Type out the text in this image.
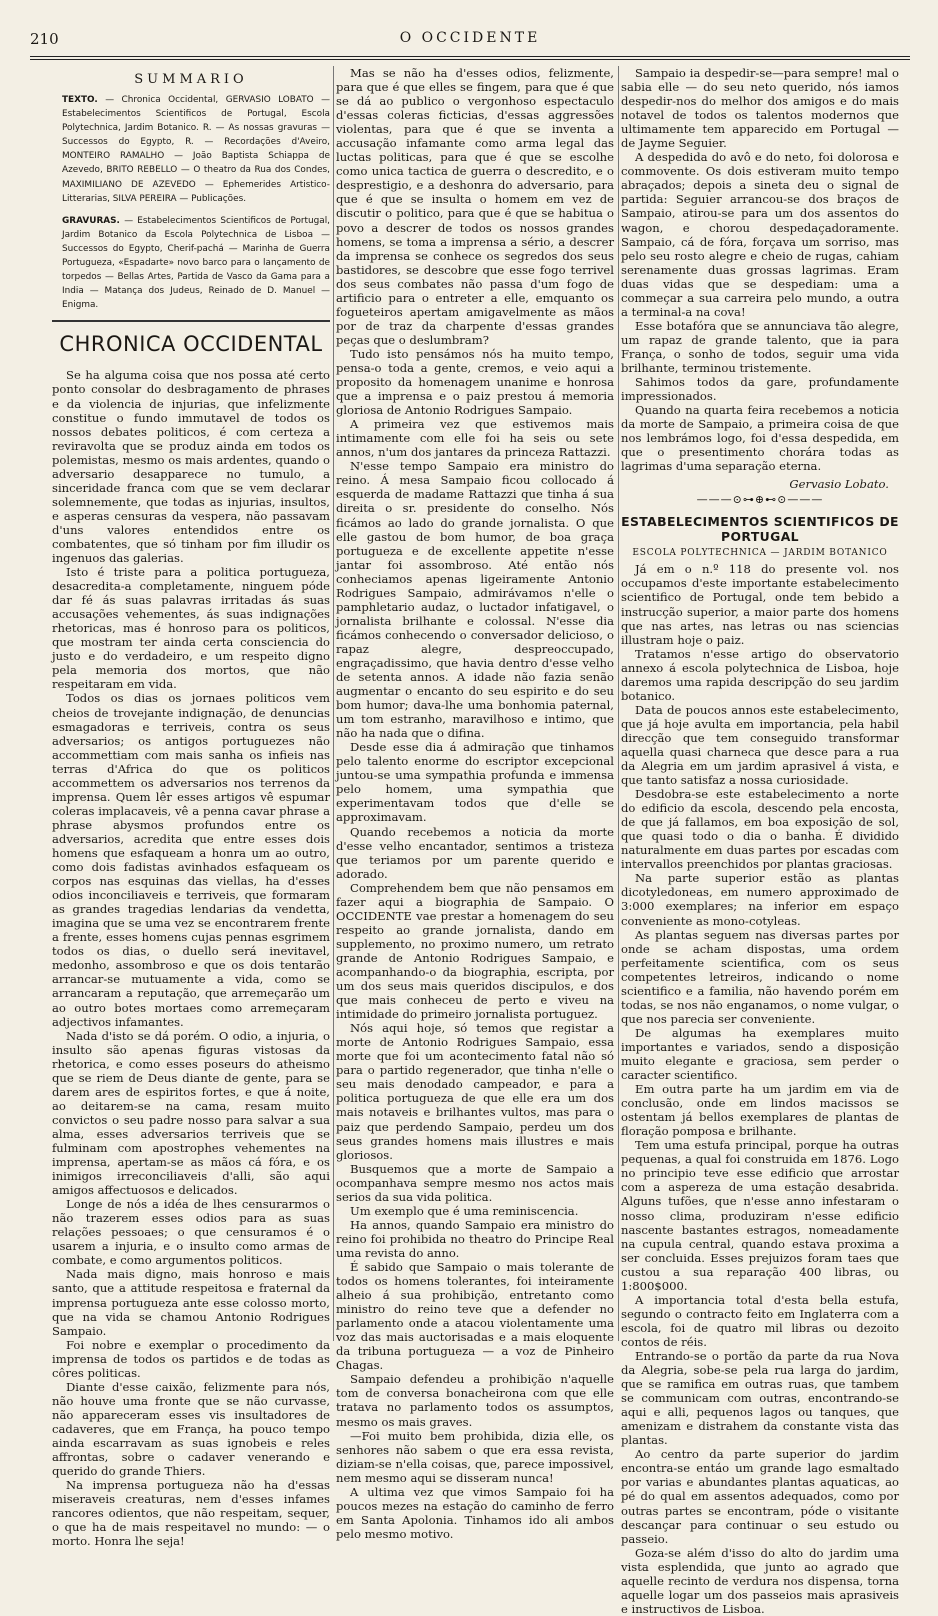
210	O OCCIDENTE
SUMMARIO

TEXTO. — Chronica Occidental, GERVASIO LOBATO — Estabelecimentos Scientificos de Portugal, Escola Polytechnica, Jardim Botanico. R. — As nossas gravuras — Successos do Egypto, R. — Recordações d'Aveiro, MONTEIRO RAMALHO — João Baptista Schiappa de Azevedo, BRITO REBELLO — O theatro da Rua dos Condes, MAXIMILIANO DE AZEVEDO — Ephemerides Artistico-Litterarias, SILVA PEREIRA — Publicações.

GRAVURAS. — Estabelecimentos Scientificos de Portugal, Jardim Botanico da Escola Polytechnica de Lisboa — Successos do Egypto, Cherif-pachá — Marinha de Guerra Portugueza, «Espadarte» novo barco para o lançamento de torpedos — Bellas Artes, Partida de Vasco da Gama para a India — Matança dos Judeus, Reinado de D. Manuel — Enigma.

CHRONICA OCCIDENTAL

Se ha alguma coisa que nos possa até certo ponto consolar do desbragamento de phrases e da violencia de injurias, que infelizmente constitue o fundo immutavel de todos os nossos debates politicos, é com certeza a reviravolta que se produz ainda em todos os polemistas, mesmo os mais ardentes, quando o adversario desapparece no tumulo, a sinceridade franca com que se vem declarar solemnemente, que todas as injurias, insultos, e asperas censuras da vespera, não passavam d'uns valores entendidos entre os combatentes, que só tinham por fim illudir os ingenuos das galerias.

Isto é triste para a politica portugueza, desacredita-a completamente, ninguem póde dar fé ás suas palavras irritadas ás suas accusações vehementes, ás suas indignações rhetoricas, mas é honroso para os politicos, que mostram ter ainda certa consciencia do justo e do verdadeiro, e um respeito digno pela memoria dos mortos, que não respeitaram em vida.

Todos os dias os jornaes politicos vem cheios de trovejante indignação, de denuncias esmagadoras e terriveis, contra os seus adversarios; os antigos portuguezes não accommettiam com mais sanha os infieis nas terras d'Africa do que os politicos accommettem os adversarios nos terrenos da imprensa. Quem lêr esses artigos vê espumar coleras implacaveis, vê a penna cavar phrase a phrase abysmos profundos entre os adversarios, acredita que entre esses dois homens que esfaqueam a honra um ao outro, como dois fadistas avinhados esfaqueam os corpos nas esquinas das viellas, ha d'esses odios inconciliaveis e terriveis, que formaram as grandes tragedias lendarias da vendetta, imagina que se uma vez se encontrarem frente a frente, esses homens cujas pennas esgrimem todos os dias, o duello será inevitavel, medonho, assombroso e que os dois tentarão arrancar-se mutuamente a vida, como se arrancaram a reputação, que arremeçarão um ao outro botes mortaes como arremeçaram adjectivos infamantes.

Nada d'isto se dá porém. O odio, a injuria, o insulto são apenas figuras vistosas da rhetorica, e como esses poseurs do atheismo que se riem de Deus diante de gente, para se darem ares de espiritos fortes, e que á noite, ao deitarem-se na cama, resam muito convictos o seu padre nosso para salvar a sua alma, esses adversarios terriveis que se fulminam com apostrophes vehementes na imprensa, apertam-se as mãos cá fóra, e os inimigos irreconciliaveis d'alli, são aqui amigos affectuosos e delicados.

Longe de nós a idéa de lhes censurarmos o não trazerem esses odios para as suas relações pessoaes; o que censuramos é o usarem a injuria, e o insulto como armas de combate, e como argumentos politicos.

Nada mais digno, mais honroso e mais santo, que a attitude respeitosa e fraternal da imprensa portugueza ante esse colosso morto, que na vida se chamou Antonio Rodrigues Sampaio.

Foi nobre e exemplar o procedimento da imprensa de todos os partidos e de todas as côres politicas.

Diante d'esse caixão, felizmente para nós, não houve uma fronte que se não curvasse, não appareceram esses vis insultadores de cadaveres, que em França, ha pouco tempo ainda escarravam as suas ignobeis e reles affrontas, sobre o cadaver venerando e querido do grande Thiers.

Na imprensa portugueza não ha d'essas miseraveis creaturas, nem d'esses infames rancores odientos, que não respeitam, sequer, o que ha de mais respeitavel no mundo: — o morto. Honra lhe seja!

Mas se não ha d'esses odios, felizmente, para que é que elles se fingem, para que é que se dá ao publico o vergonhoso espectaculo d'essas coleras ficticias, d'essas aggressões violentas, para que é que se inventa a accusação infamante como arma legal das luctas politicas, para que é que se escolhe como unica tactica de guerra o descredito, e o desprestigio, e a deshonra do adversario, para que é que se insulta o homem em vez de discutir o politico, para que é que se habitua o povo a descrer de todos os nossos grandes homens, se toma a imprensa a sério, a descrer da imprensa se conhece os segredos dos seus bastidores, se descobre que esse fogo terrivel dos seus combates não passa d'um fogo de artificio para o entreter a elle, emquanto os fogueteiros apertam amigavelmente as mãos por de traz da charpente d'essas grandes peças que o deslumbram?

Tudo isto pensámos nós ha muito tempo, pensa-o toda a gente, cremos, e veio aqui a proposito da homenagem unanime e honrosa que a imprensa e o paiz prestou á memoria gloriosa de Antonio Rodrigues Sampaio.

A primeira vez que estivemos mais intimamente com elle foi ha seis ou sete annos, n'um dos jantares da princeza Rattazzi.

N'esse tempo Sampaio era ministro do reino. Á mesa Sampaio ficou collocado á esquerda de madame Rattazzi que tinha á sua direita o sr. presidente do conselho. Nós ficámos ao lado do grande jornalista. O que elle gastou de bom humor, de boa graça portugueza e de excellente appetite n'esse jantar foi assombroso. Até então nós conheciamos apenas ligeiramente Antonio Rodrigues Sampaio, admirávamos n'elle o pamphletario audaz, o luctador infatigavel, o jornalista brilhante e colossal. N'esse dia ficámos conhecendo o conversador delicioso, o rapaz alegre, despreoccupado, engraçadissimo, que havia dentro d'esse velho de setenta annos. A idade não fazia senão augmentar o encanto do seu espirito e do seu bom humor; dava-lhe uma bonhomia paternal, um tom estranho, maravilhoso e intimo, que não ha nada que o difina.

Desde esse dia á admiração que tinhamos pelo talento enorme do escriptor excepcional juntou-se uma sympathia profunda e immensa pelo homem, uma sympathia que experimentavam todos que d'elle se approximavam.

Quando recebemos a noticia da morte d'esse velho encantador, sentimos a tristeza que teriamos por um parente querido e adorado.

Comprehendem bem que não pensamos em fazer aqui a biographia de Sampaio. O OCCIDENTE vae prestar a homenagem do seu respeito ao grande jornalista, dando em supplemento, no proximo numero, um retrato grande de Antonio Rodrigues Sampaio, e acompanhando-o da biographia, escripta, por um dos seus mais queridos discipulos, e dos que mais conheceu de perto e viveu na intimidade do primeiro jornalista portuguez.

Nós aqui hoje, só temos que registar a morte de Antonio Rodrigues Sampaio, essa morte que foi um acontecimento fatal não só para o partido regenerador, que tinha n'elle o seu mais denodado campeador, e para a politica portugueza de que elle era um dos mais notaveis e brilhantes vultos, mas para o paiz que perdendo Sampaio, perdeu um dos seus grandes homens mais illustres e mais gloriosos.

Busquemos que a morte de Sampaio a ocompanhava sempre mesmo nos actos mais serios da sua vida politica.

Um exemplo que é uma reminiscencia.

Ha annos, quando Sampaio era ministro do reino foi prohibida no theatro do Principe Real uma revista do anno.

É sabido que Sampaio o mais tolerante de todos os homens tolerantes, foi inteiramente alheio á sua prohibição, entretanto como ministro do reino teve que a defender no parlamento onde a atacou violentamente uma voz das mais auctorisadas e a mais eloquente da tribuna portugueza — a voz de Pinheiro Chagas.

Sampaio defendeu a prohibição n'aquelle tom de conversa bonacheirona com que elle tratava no parlamento todos os assumptos, mesmo os mais graves.

—Foi muito bem prohibida, dizia elle, os senhores não sabem o que era essa revista, diziam-se n'ella coisas, que, parece impossivel, nem mesmo aqui se disseram nunca!

A ultima vez que vimos Sampaio foi ha poucos mezes na estação do caminho de ferro em Santa Apolonia. Tinhamos ido ali ambos pelo mesmo motivo.

Sampaio ia despedir-se—para sempre! mal o sabia elle — do seu neto querido, nós iamos despedir-nos do melhor dos amigos e do mais notavel de todos os talentos modernos que ultimamente tem apparecido em Portugal — de Jayme Seguier.

A despedida do avô e do neto, foi dolorosa e commovente. Os dois estiveram muito tempo abraçados; depois a sineta deu o signal de partida: Seguier arrancou-se dos braços de Sampaio, atirou-se para um dos assentos do wagon, e chorou despedaçadoramente. Sampaio, cá de fóra, forçava um sorriso, mas pelo seu rosto alegre e cheio de rugas, cahiam serenamente duas grossas lagrimas. Eram duas vidas que se despediam: uma a commeçar a sua carreira pelo mundo, a outra a terminal-a na cova!

Esse botafóra que se annunciava tão alegre, um rapaz de grande talento, que ia para França, o sonho de todos, seguir uma vida brilhante, terminou tristemente.

Sahimos todos da gare, profundamente impressionados.

Quando na quarta feira recebemos a noticia da morte de Sampaio, a primeira coisa de que nos lembrámos logo, foi d'essa despedida, em que o presentimento chorára todas as lagrimas d'uma separação eterna.

Gervasio Lobato.
———⊙⊶⊕⊷⊙———
ESTABELECIMENTOS SCIENTIFICOS DE PORTUGAL
ESCOLA POLYTECHNICA — JARDIM BOTANICO

Já em o n.º 118 do presente vol. nos occupamos d'este importante estabelecimento scientifico de Portugal, onde tem bebido a instrucção superior, a maior parte dos homens que nas artes, nas letras ou nas sciencias illustram hoje o paiz.

Tratamos n'esse artigo do observatorio annexo á escola polytechnica de Lisboa, hoje daremos uma rapida descripção do seu jardim botanico.

Data de poucos annos este estabelecimento, que já hoje avulta em importancia, pela habil direcção que tem conseguido transformar aquella quasi charneca que desce para a rua da Alegria em um jardim aprasivel á vista, e que tanto satisfaz a nossa curiosidade.

Desdobra-se este estabelecimento a norte do edificio da escola, descendo pela encosta, de que já fallamos, em boa exposição de sol, que quasi todo o dia o banha. É dividido naturalmente em duas partes por escadas com intervallos preenchidos por plantas graciosas.

Na parte superior estão as plantas dicotyledoneas, em numero approximado de 3:000 exemplares; na inferior em espaço conveniente as mono-cotyleas.

As plantas seguem nas diversas partes por onde se acham dispostas, uma ordem perfeitamente scientifica, com os seus competentes letreiros, indicando o nome scientifico e a familia, não havendo porém em todas, se nos não enganamos, o nome vulgar, o que nos parecia ser conveniente.

De algumas ha exemplares muito importantes e variados, sendo a disposição muito elegante e graciosa, sem perder o caracter scientifico.

Em outra parte ha um jardim em via de conclusão, onde em lindos macissos se ostentam já bellos exemplares de plantas de floração pomposa e brilhante.

Tem uma estufa principal, porque ha outras pequenas, a qual foi construida em 1876. Logo no principio teve esse edificio que arrostar com a aspereza de uma estação desabrida. Alguns tufões, que n'esse anno infestaram o nosso clima, produziram n'esse edificio nascente bastantes estragos, nomeadamente na cupula central, quando estava proxima a ser concluida. Esses prejuizos foram taes que custou a sua reparação 400 libras, ou 1:800$000.

A importancia total d'esta bella estufa, segundo o contracto feito em Inglaterra com a escola, foi de quatro mil libras ou dezoito contos de réis.

Entrando-se o portão da parte da rua Nova da Alegria, sobe-se pela rua larga do jardim, que se ramifica em outras ruas, que tambem se communicam com outras, encontrando-se aqui e alli, pequenos lagos ou tanques, que amenizam e distrahem da constante vista das plantas.

Ao centro da parte superior do jardim encontra-se entáo um grande lago esmaltado por varias e abundantes plantas aquaticas, ao pé do qual em assentos adequados, como por outras partes se encontram, póde o visitante descançar para continuar o seu estudo ou passeio.

Goza-se além d'isso do alto do jardim uma vista esplendida, que junto ao agrado que aquelle recinto de verdura nos dispensa, torna aquelle logar um dos passeios mais aprasiveis e instructivos de Lisboa.
